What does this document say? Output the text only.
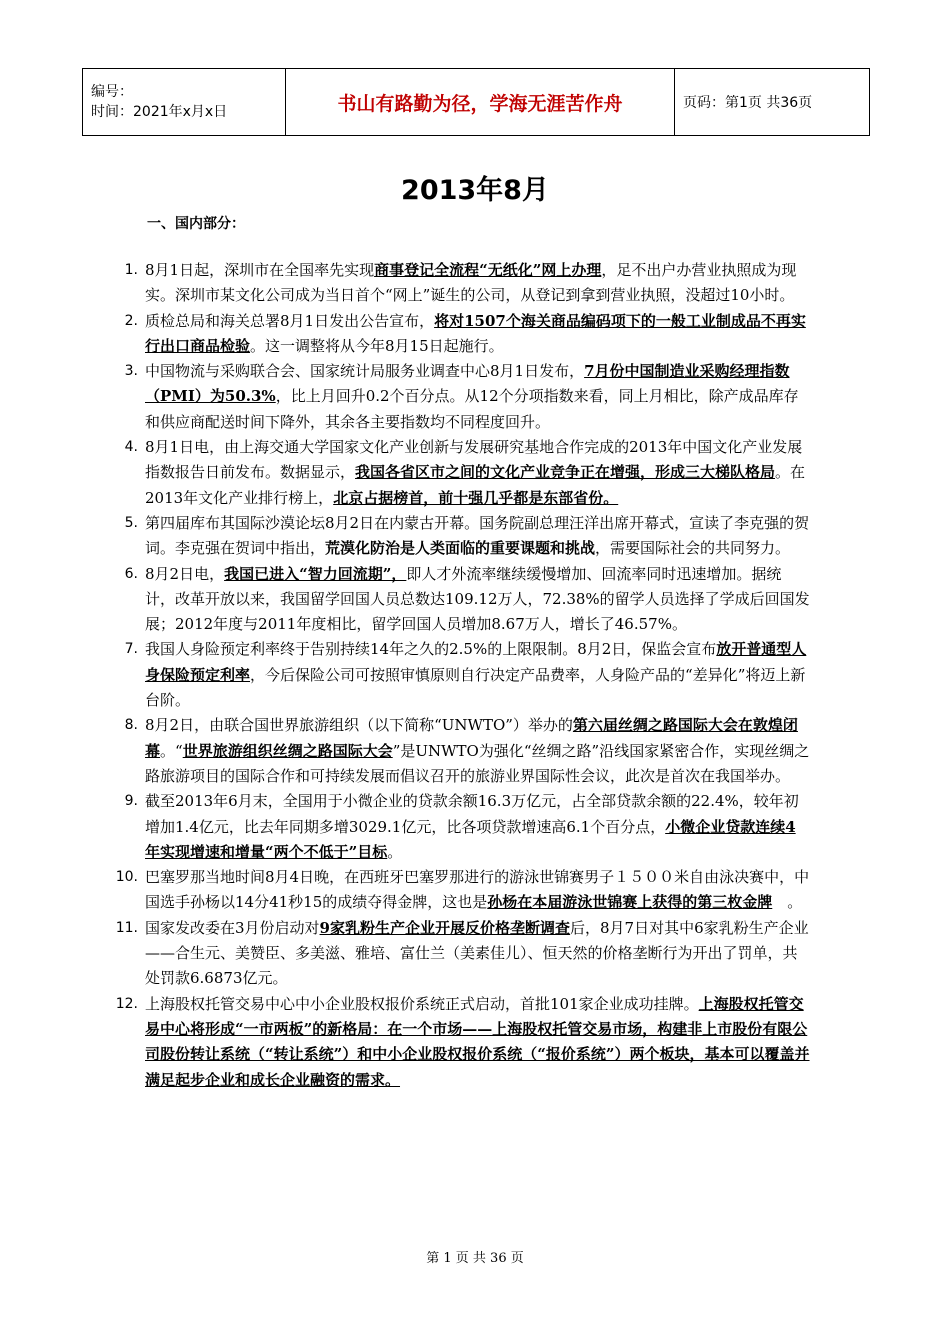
编号：
时间：2021年x月x日	书山有路勤为径，学海无涯苦作舟	页码：第1页 共36页
2013年8月
一、国内部分：

1. 8月1日起，深圳市在全国率先实现商事登记全流程“无纸化”网上办理，足不出户办营业执照成为现实。深圳市某文化公司成为当日首个“网上”诞生的公司，从登记到拿到营业执照，没超过10小时。

2. 质检总局和海关总署8月1日发出公告宣布，将对1507个海关商品编码项下的一般工业制成品不再实行出口商品检验。这一调整将从今年8月15日起施行。

3. 中国物流与采购联合会、国家统计局服务业调查中心8月1日发布，7月份中国制造业采购经理指数（PMI）为50.3%，比上月回升0.2个百分点。从12个分项指数来看，同上月相比，除产成品库存和供应商配送时间下降外，其余各主要指数均不同程度回升。

4. 8月1日电，由上海交通大学国家文化产业创新与发展研究基地合作完成的2013年中国文化产业发展指数报告日前发布。数据显示，我国各省区市之间的文化产业竞争正在增强，形成三大梯队格局。在2013年文化产业排行榜上，北京占据榜首，前十强几乎都是东部省份。

5. 第四届库布其国际沙漠论坛8月2日在内蒙古开幕。国务院副总理汪洋出席开幕式，宣读了李克强的贺词。李克强在贺词中指出，荒漠化防治是人类面临的重要课题和挑战，需要国际社会的共同努力。

6. 8月2日电，我国已进入“智力回流期”，即人才外流率继续缓慢增加、回流率同时迅速增加。据统计，改革开放以来，我国留学回国人员总数达109.12万人，72.38%的留学人员选择了学成后回国发展；2012年度与2011年度相比，留学回国人员增加8.67万人，增长了46.57%。

7. 我国人身险预定利率终于告别持续14年之久的2.5%的上限限制。8月2日，保监会宣布放开普通型人身保险预定利率，今后保险公司可按照审慎原则自行决定产品费率，人身险产品的“差异化”将迈上新台阶。

8. 8月2日，由联合国世界旅游组织（以下简称“UNWTO”）举办的第六届丝绸之路国际大会在敦煌闭幕。“世界旅游组织丝绸之路国际大会”是UNWTO为强化“丝绸之路”沿线国家紧密合作，实现丝绸之路旅游项目的国际合作和可持续发展而倡议召开的旅游业界国际性会议，此次是首次在我国举办。

9. 截至2013年6月末，全国用于小微企业的贷款余额16.3万亿元，占全部贷款余额的22.4%，较年初增加1.4亿元，比去年同期多增3029.1亿元，比各项贷款增速高6.1个百分点，小微企业贷款连续4年实现增速和增量“两个不低于”目标。

10. 巴塞罗那当地时间8月4日晚，在西班牙巴塞罗那进行的游泳世锦赛男子１５００米自由泳决赛中，中国选手孙杨以14分41秒15的成绩夺得金牌，这也是孙杨在本届游泳世锦赛上获得的第三枚金牌　。

11. 国家发改委在3月份启动对9家乳粉生产企业开展反价格垄断调查后，8月7日对其中6家乳粉生产企业——合生元、美赞臣、多美滋、雅培、富仕兰（美素佳儿）、恒天然的价格垄断行为开出了罚单，共处罚款6.6873亿元。

12. 上海股权托管交易中心中小企业股权报价系统正式启动，首批101家企业成功挂牌。上海股权托管交易中心将形成“一市两板”的新格局：在一个市场——上海股权托管交易市场，构建非上市股份有限公司股份转让系统（“转让系统”）和中小企业股权报价系统（“报价系统”）两个板块，基本可以覆盖并满足起步企业和成长企业融资的需求。

第 1 页 共 36 页
